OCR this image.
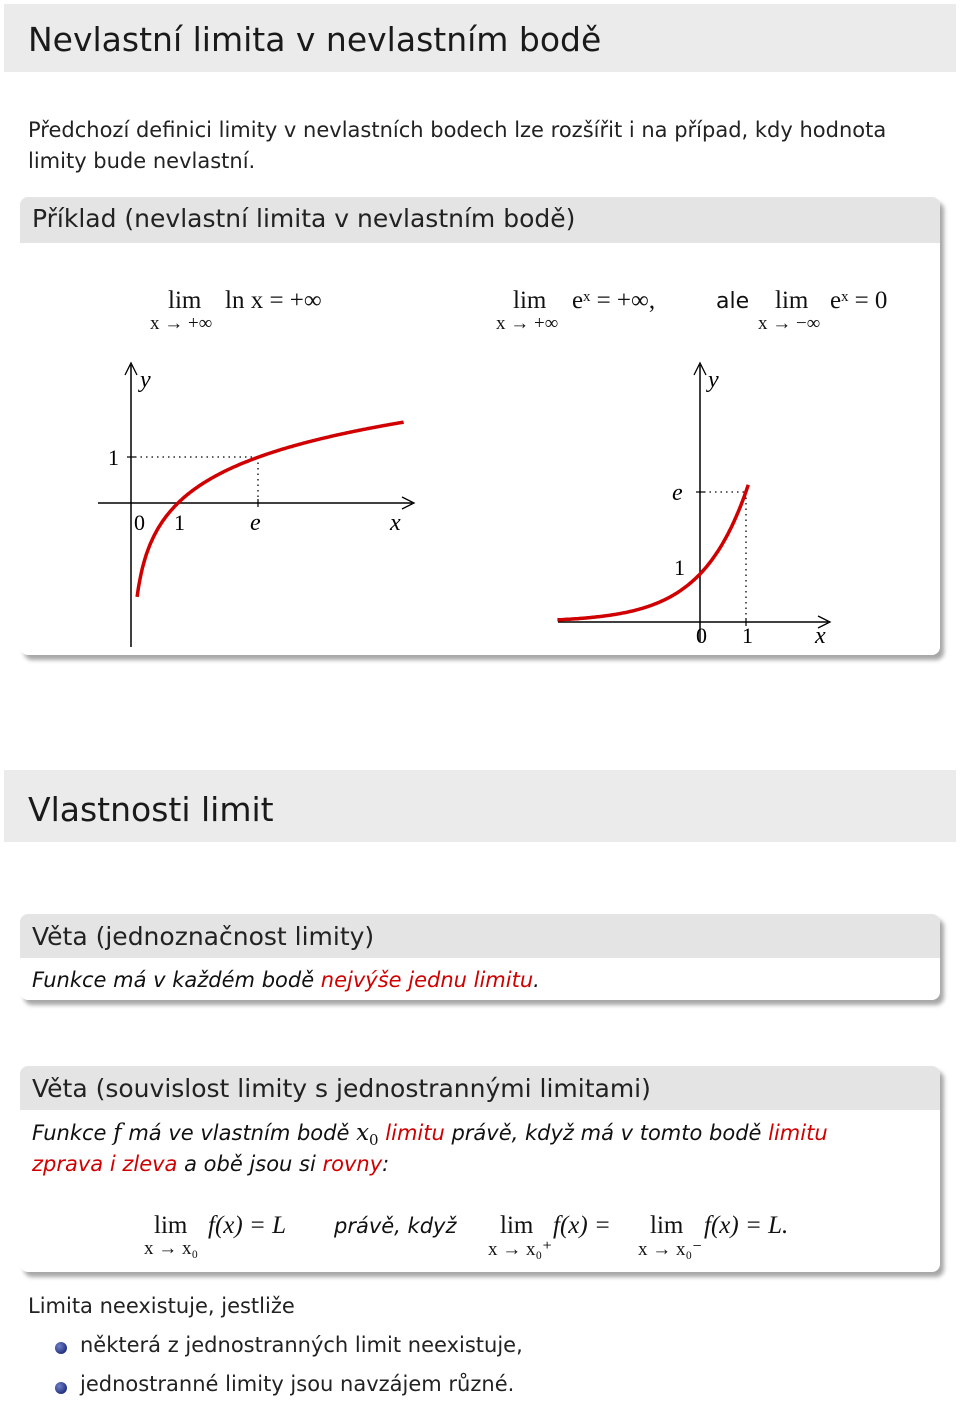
Nevlastní limita v nevlastním bodě
Předchozí definici limity v nevlastních bodech lze rozšířit i na případ, kdy hodnota
limity bude nevlastní.
Příklad (nevlastní limita v nevlastním bodě)
lim
x → +∞
ln x = +∞	lim
x → +∞
eˣ = +∞,	ale lim
x → −∞
eˣ = 0
y
1
0 1	e	x
y
e
1
0 1	x
Vlastnosti limit
Věta (jednoznačnost limity)
Funkce má v každém bodě nejvýše jednu limitu.
Věta (souvislost limity s jednostrannými limitami)
Funkce f má ve vlastním bodě $x_0$ limitu právě, když má v tomto bodě limitu
zprava i zleva a obě jsou si rovny:
lim
x → x₀
f(x) = L právě, když lim
x → x₀⁺
f(x) = lim
x → x₀⁻
f(x) = L.
Limita neexistuje, jestliže
některá z jednostranných limit neexistuje,
jednostranné limity jsou navzájem různé.
